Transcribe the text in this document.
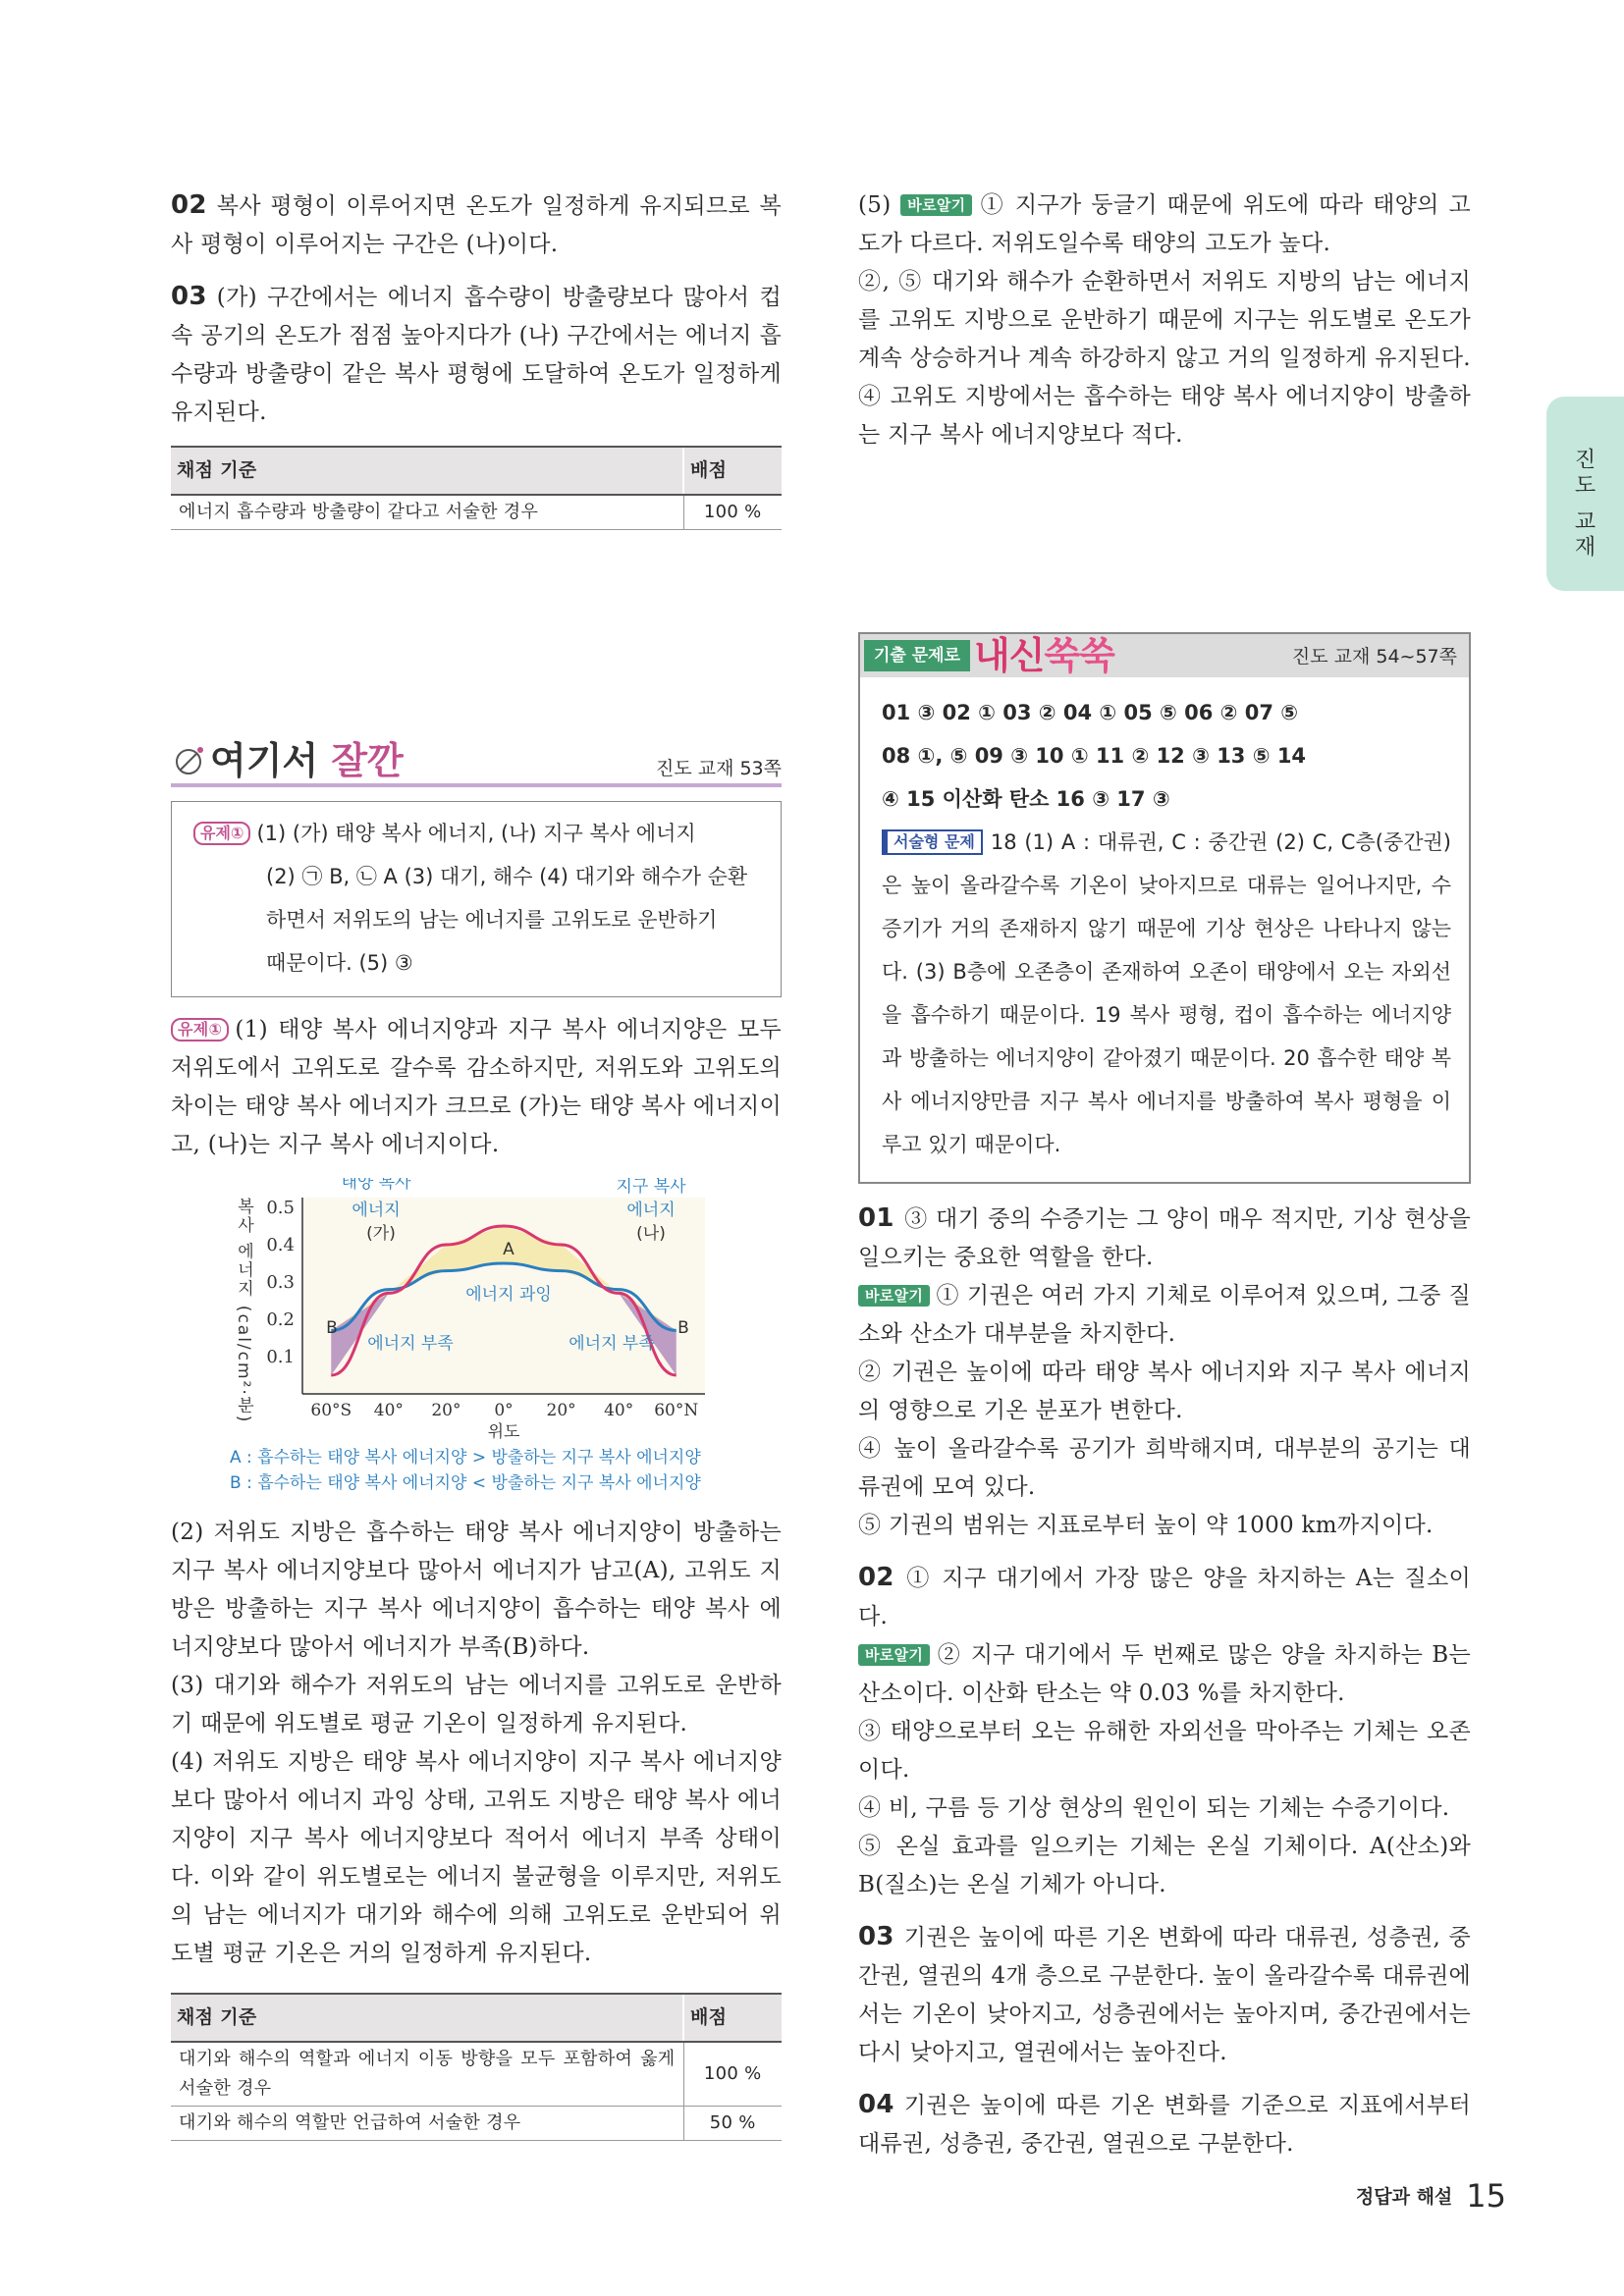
진도 교재
02 복사 평형이 이루어지면 온도가 일정하게 유지되므로 복사 평형이 이루어지는 구간은 (나)이다.
03 (가) 구간에서는 에너지 흡수량이 방출량보다 많아서 컵 속 공기의 온도가 점점 높아지다가 (나) 구간에서는 에너지 흡수량과 방출량이 같은 복사 평형에 도달하여 온도가 일정하게 유지된다.
채점 기준	배점
에너지 흡수량과 방출량이 같다고 서술한 경우	100 %
여기서 잘깐	진도 교재 53쪽
유제① (1) (가) 태양 복사 에너지, (나) 지구 복사 에너지
(2) ㉠ B, ㉡ A (3) 대기, 해수 (4) 대기와 해수가 순환
하면서 저위도의 남는 에너지를 고위도로 운반하기
때문이다. (5) ③
유제① (1) 태양 복사 에너지양과 지구 복사 에너지양은 모두 저위도에서 고위도로 갈수록 감소하지만, 저위도와 고위도의 차이는 태양 복사 에너지가 크므로 (가)는 태양 복사 에너지이고, (나)는 지구 복사 에너지이다.
0.1
0.2
0.3
0.4
0.5
60°S 40° 20° 0° 20° 40° 60°N
위도
복사 에너지 (cal/cm²·분)
태양 복사
에너지
(가)
지구 복사
에너지
(나)
A
에너지 과잉
B	B
에너지 부족	에너지 부족
A : 흡수하는 태양 복사 에너지양 > 방출하는 지구 복사 에너지양
B : 흡수하는 태양 복사 에너지양 < 방출하는 지구 복사 에너지양
(2) 저위도 지방은 흡수하는 태양 복사 에너지양이 방출하는 지구 복사 에너지양보다 많아서 에너지가 남고(A), 고위도 지방은 방출하는 지구 복사 에너지양이 흡수하는 태양 복사 에너지양보다 많아서 에너지가 부족(B)하다.
(3) 대기와 해수가 저위도의 남는 에너지를 고위도로 운반하기 때문에 위도별로 평균 기온이 일정하게 유지된다.
(4) 저위도 지방은 태양 복사 에너지양이 지구 복사 에너지양보다 많아서 에너지 과잉 상태, 고위도 지방은 태양 복사 에너지양이 지구 복사 에너지양보다 적어서 에너지 부족 상태이다. 이와 같이 위도별로는 에너지 불균형을 이루지만, 저위도의 남는 에너지가 대기와 해수에 의해 고위도로 운반되어 위도별 평균 기온은 거의 일정하게 유지된다.
채점 기준	배점
대기와 해수의 역할과 에너지 이동 방향을 모두 포함하여 옳게 서술한 경우	100 %
대기와 해수의 역할만 언급하여 서술한 경우	50 %
(5) 바로알기 ① 지구가 둥글기 때문에 위도에 따라 태양의 고도가 다르다. 저위도일수록 태양의 고도가 높다.
②, ⑤ 대기와 해수가 순환하면서 저위도 지방의 남는 에너지를 고위도 지방으로 운반하기 때문에 지구는 위도별로 온도가 계속 상승하거나 계속 하강하지 않고 거의 일정하게 유지된다.
④ 고위도 지방에서는 흡수하는 태양 복사 에너지양이 방출하는 지구 복사 에너지양보다 적다.
기출 문제로 내신쑥쑥	진도 교재 54~57쪽
01 ③ 02 ① 03 ② 04 ① 05 ⑤ 06 ② 07 ⑤
08 ①, ⑤ 09 ③ 10 ① 11 ② 12 ③ 13 ⑤ 14
④ 15 이산화 탄소 16 ③ 17 ③
서술형 문제 18 (1) A : 대류권, C : 중간권 (2) C, C층(중간권)은 높이 올라갈수록 기온이 낮아지므로 대류는 일어나지만, 수증기가 거의 존재하지 않기 때문에 기상 현상은 나타나지 않는다. (3) B층에 오존층이 존재하여 오존이 태양에서 오는 자외선을 흡수하기 때문이다. 19 복사 평형, 컵이 흡수하는 에너지양과 방출하는 에너지양이 같아졌기 때문이다. 20 흡수한 태양 복사 에너지양만큼 지구 복사 에너지를 방출하여 복사 평형을 이루고 있기 때문이다.
01 ③ 대기 중의 수증기는 그 양이 매우 적지만, 기상 현상을 일으키는 중요한 역할을 한다.
바로알기 ① 기권은 여러 가지 기체로 이루어져 있으며, 그중 질소와 산소가 대부분을 차지한다.
② 기권은 높이에 따라 태양 복사 에너지와 지구 복사 에너지의 영향으로 기온 분포가 변한다.
④ 높이 올라갈수록 공기가 희박해지며, 대부분의 공기는 대류권에 모여 있다.
⑤ 기권의 범위는 지표로부터 높이 약 1000 km까지이다.
02 ① 지구 대기에서 가장 많은 양을 차지하는 A는 질소이다.
바로알기 ② 지구 대기에서 두 번째로 많은 양을 차지하는 B는 산소이다. 이산화 탄소는 약 0.03 %를 차지한다.
③ 태양으로부터 오는 유해한 자외선을 막아주는 기체는 오존이다.
④ 비, 구름 등 기상 현상의 원인이 되는 기체는 수증기이다.
⑤ 온실 효과를 일으키는 기체는 온실 기체이다. A(산소)와 B(질소)는 온실 기체가 아니다.
03 기권은 높이에 따른 기온 변화에 따라 대류권, 성층권, 중간권, 열권의 4개 층으로 구분한다. 높이 올라갈수록 대류권에서는 기온이 낮아지고, 성층권에서는 높아지며, 중간권에서는 다시 낮아지고, 열권에서는 높아진다.
04 기권은 높이에 따른 기온 변화를 기준으로 지표에서부터 대류권, 성층권, 중간권, 열권으로 구분한다.
정답과 해설 15
